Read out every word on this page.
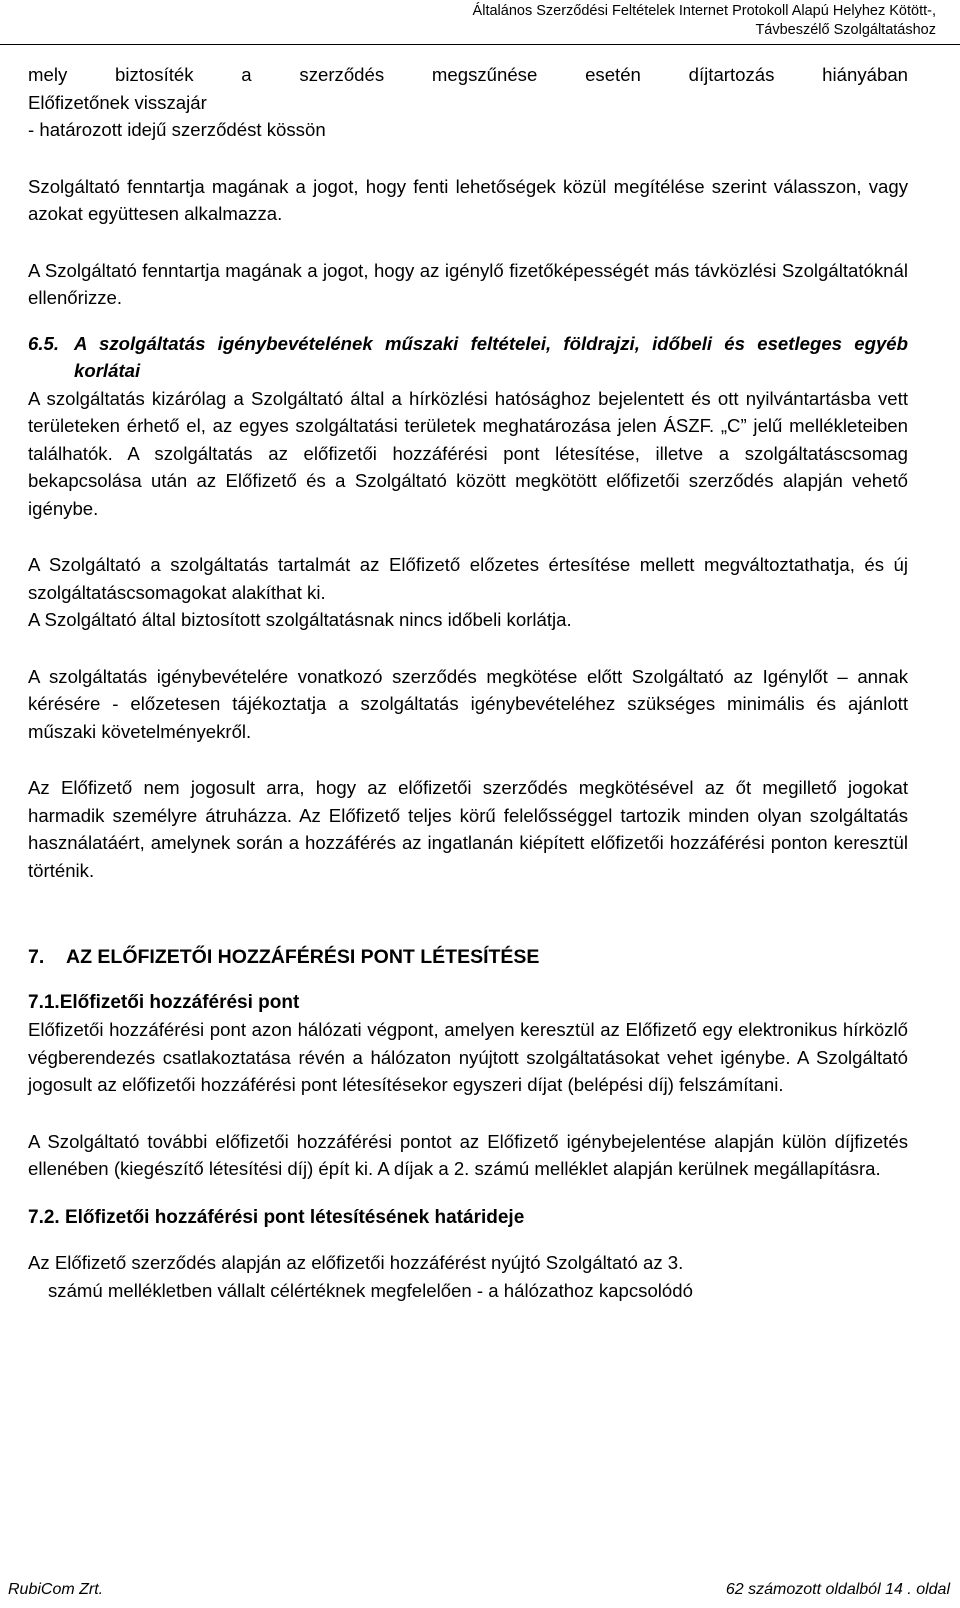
Általános Szerződési Feltételek Internet Protokoll Alapú Helyhez Kötött-,
Távbeszélő Szolgáltatáshoz

mely biztosíték a szerződés megszűnése esetén díjtartozás hiányában

Előfizetőnek visszajár

- határozott idejű szerződést kössön

Szolgáltató fenntartja magának a jogot, hogy fenti lehetőségek közül megítélése szerint válasszon, vagy azokat együttesen alkalmazza.

A Szolgáltató fenntartja magának a jogot, hogy az igénylő fizetőképességét más távközlési Szolgáltatóknál ellenőrizze.

6.5. A szolgáltatás igénybevételének műszaki feltételei, földrajzi, időbeli és esetleges egyéb korlátai

A szolgáltatás kizárólag a Szolgáltató által a hírközlési hatósághoz bejelentett és ott nyilvántartásba vett területeken érhető el, az egyes szolgáltatási területek meghatározása jelen ÁSZF. „C” jelű mellékleteiben találhatók. A szolgáltatás az előfizetői hozzáférési pont létesítése, illetve a szolgáltatáscsomag bekapcsolása után az Előfizető és a Szolgáltató között megkötött előfizetői szerződés alapján vehető igénybe.

A Szolgáltató a szolgáltatás tartalmát az Előfizető előzetes értesítése mellett megváltoztathatja, és új szolgáltatáscsomagokat alakíthat ki.

A Szolgáltató által biztosított szolgáltatásnak nincs időbeli korlátja.

A szolgáltatás igénybevételére vonatkozó szerződés megkötése előtt Szolgáltató az Igénylőt – annak kérésére - előzetesen tájékoztatja a szolgáltatás igénybevételéhez szükséges minimális és ajánlott műszaki követelményekről.

Az Előfizető nem jogosult arra, hogy az előfizetői szerződés megkötésével az őt megillető jogokat harmadik személyre átruházza. Az Előfizető teljes körű felelősséggel tartozik minden olyan szolgáltatás használatáért, amelynek során a hozzáférés az ingatlanán kiépített előfizetői hozzáférési ponton keresztül történik.

7.	AZ ELŐFIZETŐI HOZZÁFÉRÉSI PONT LÉTESÍTÉSE
7.1.Előfizetői hozzáférési pont

Előfizetői hozzáférési pont azon hálózati végpont, amelyen keresztül az Előfizető egy elektronikus hírközlő végberendezés csatlakoztatása révén a hálózaton nyújtott szolgáltatásokat vehet igénybe. A Szolgáltató jogosult az előfizetői hozzáférési pont létesítésekor egyszeri díjat (belépési díj) felszámítani.

A Szolgáltató további előfizetői hozzáférési pontot az Előfizető igénybejelentése alapján külön díjfizetés ellenében (kiegészítő létesítési díj) épít ki. A díjak a 2. számú melléklet alapján kerülnek megállapításra.

7.2. Előfizetői hozzáférési pont létesítésének határideje

Az Előfizető szerződés alapján az előfizetői hozzáférést nyújtó Szolgáltató az 3.

számú mellékletben vállalt célértéknek megfelelően - a hálózathoz kapcsolódó

RubiCom Zrt.	62 számozott oldalból 14 . oldal
